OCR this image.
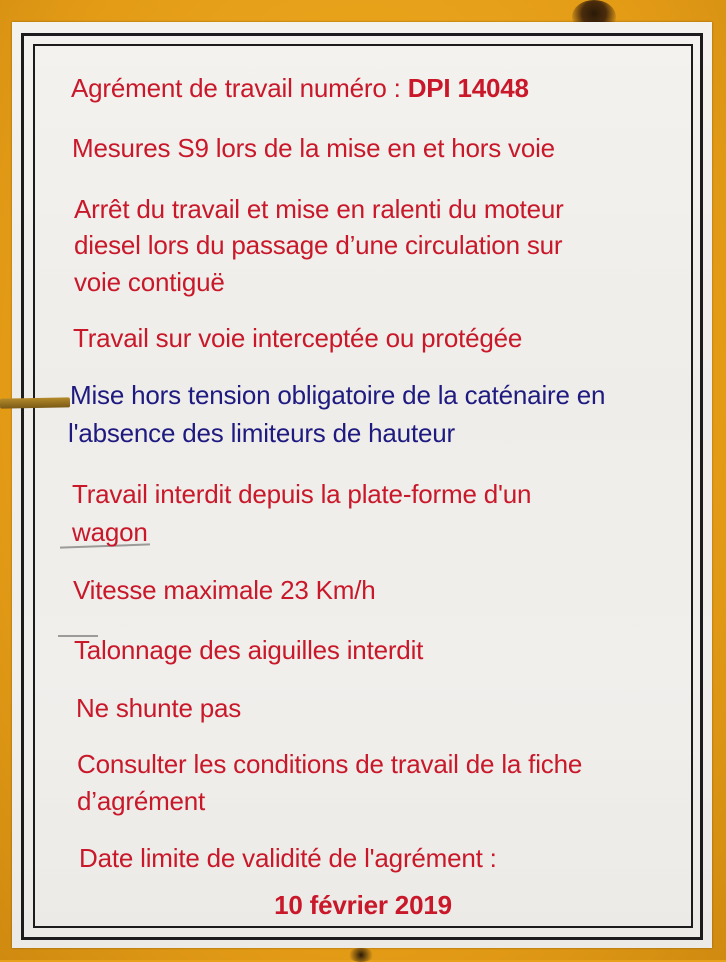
Agrément de travail numéro : DPI 14048
Mesures S9 lors de la mise en et hors voie
Arrêt du travail et mise en ralenti du moteur
diesel lors du passage d’une circulation sur
voie contiguë
Travail sur voie interceptée ou protégée
Mise hors tension obligatoire de la caténaire en
l'absence des limiteurs de hauteur
Travail interdit depuis la plate-forme d'un
wagon
Vitesse maximale 23 Km/h
Talonnage des aiguilles interdit
Ne shunte pas
Consulter les conditions de travail de la fiche
d’agrément
Date limite de validité de l'agrément :
10 février 2019
